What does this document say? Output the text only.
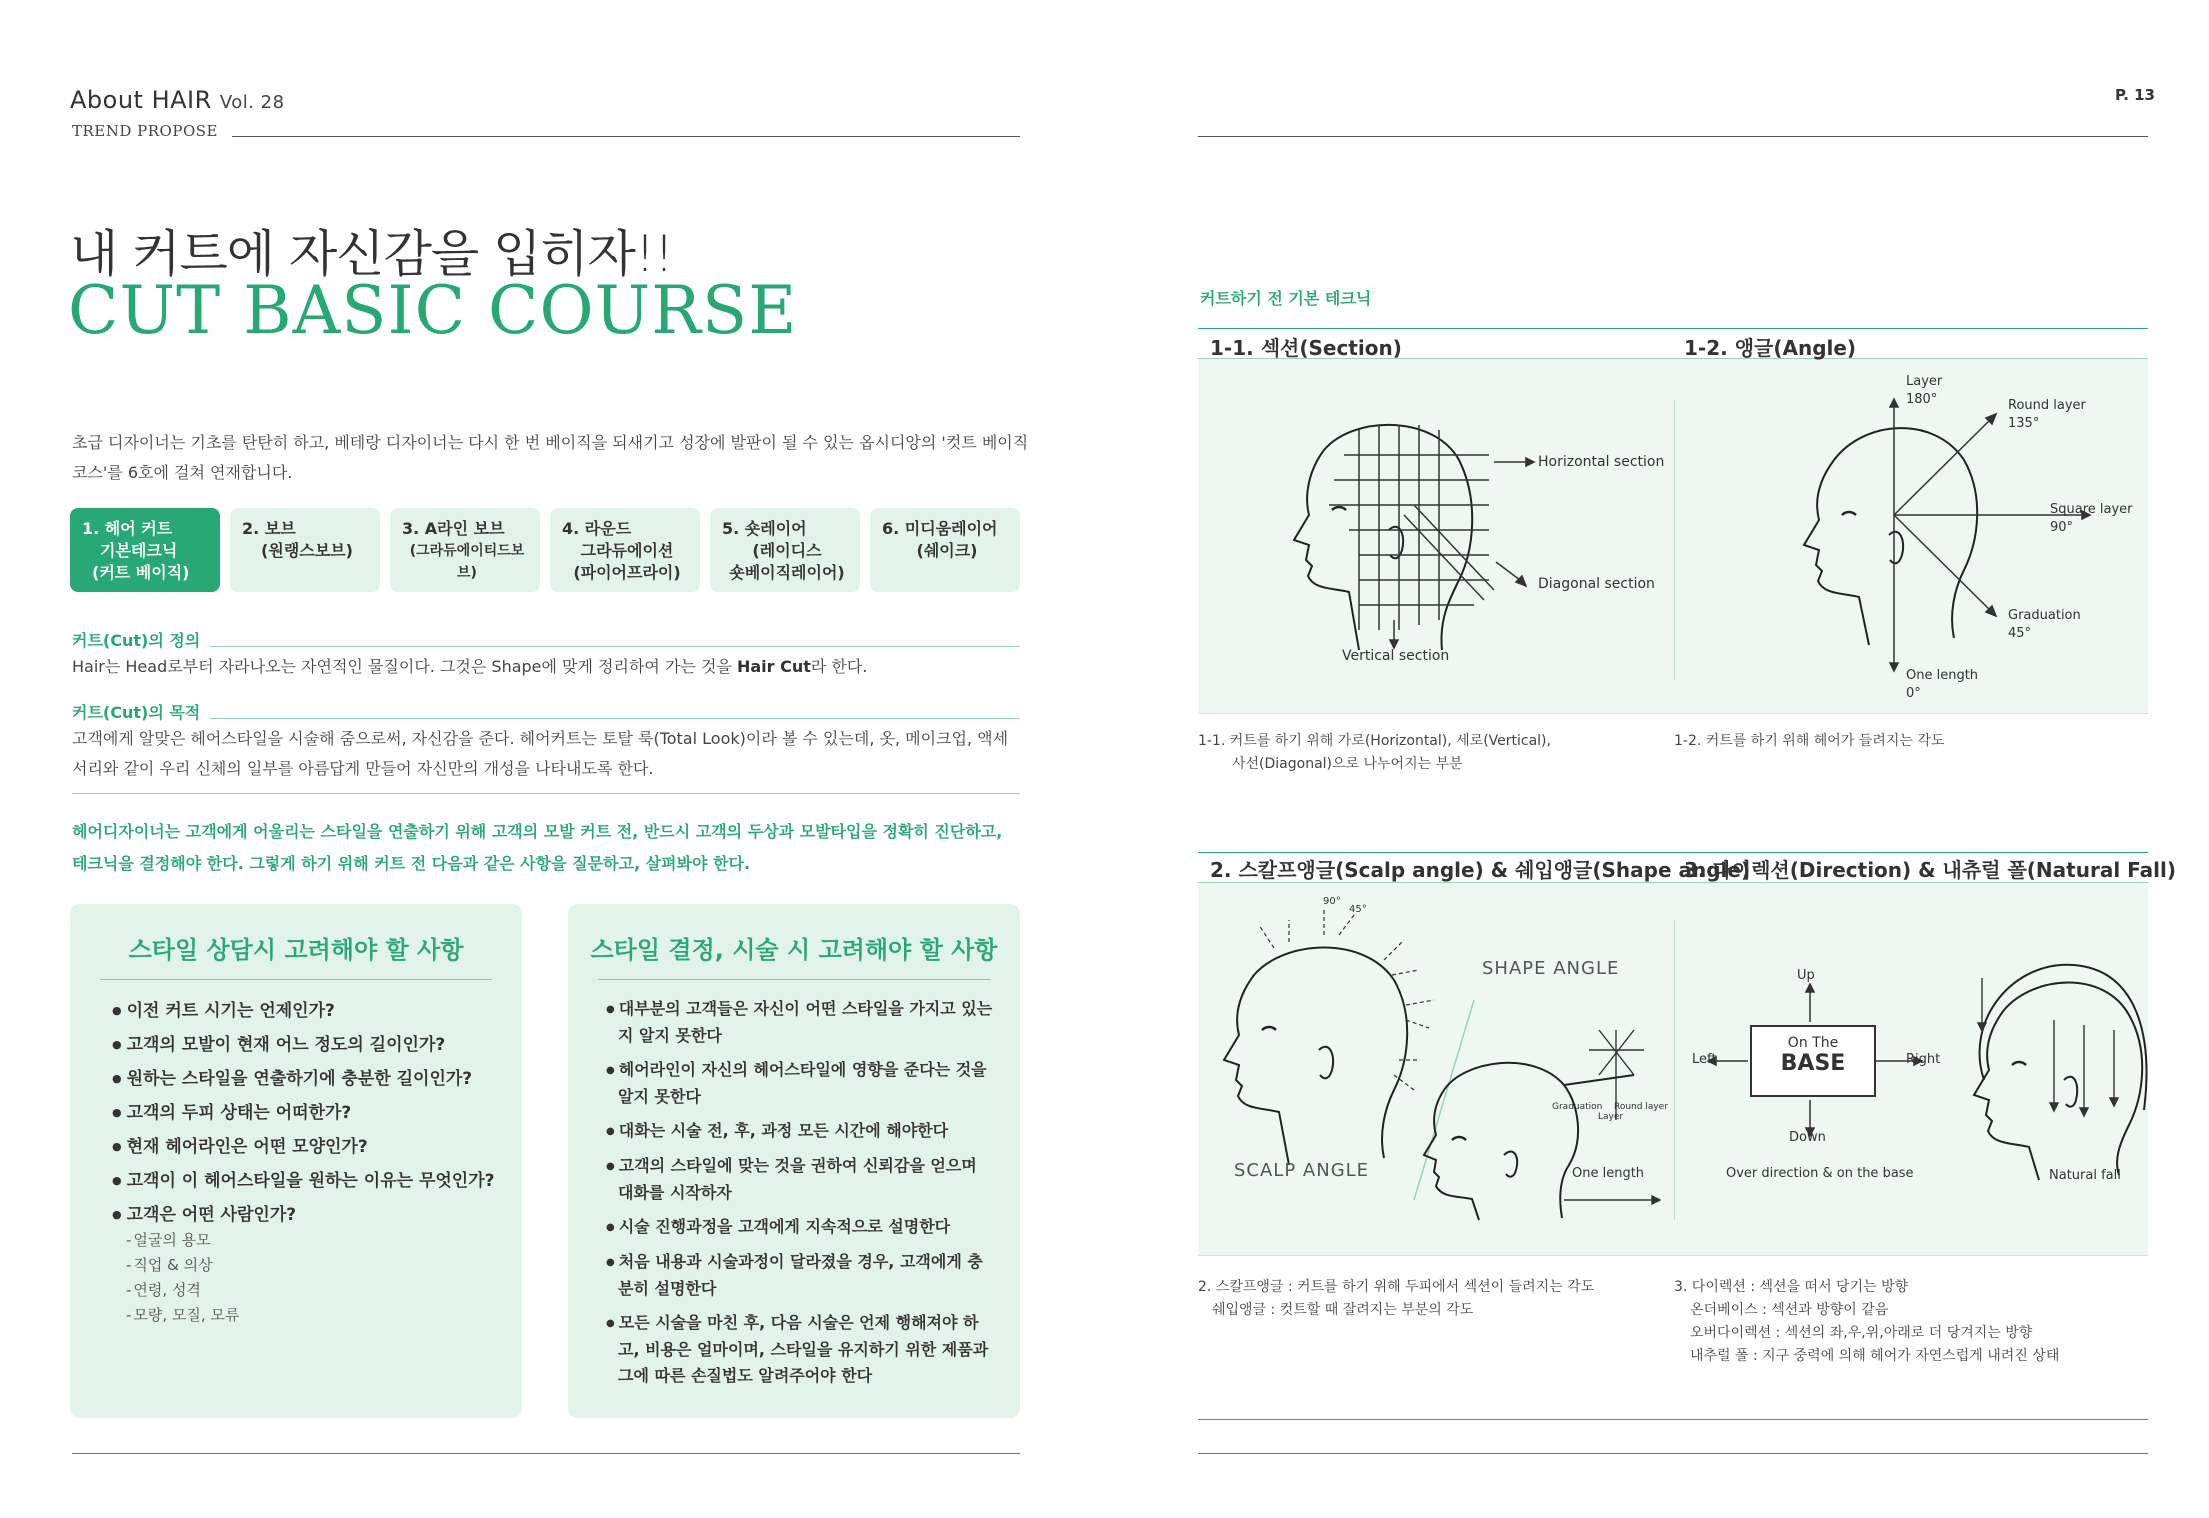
About HAIR Vol. 28
TREND PROPOSE
내 커트에 자신감을 입히자!!
CUT BASIC COURSE
초급 디자이너는 기초를 탄탄히 하고, 베테랑 디자이너는 다시 한 번 베이직을 되새기고 성장에 발판이 될 수 있는 옵시디앙의 '컷트 베이직 코스'를 6호에 걸쳐 연재합니다.
1. 헤어 커트
기본테크닉
(커트 베이직)
2. 보브
(원랭스보브)
3. A라인 보브
(그라듀에이티드보브)
4. 라운드
그라듀에이션
(파이어프라이)
5. 숏레이어
(레이디스
숏베이직레이어)
6. 미디움레이어
(쉐이크)
커트(Cut)의 정의
Hair는 Head로부터 자라나오는 자연적인 물질이다. 그것은 Shape에 맞게 정리하여 가는 것을 Hair Cut라 한다.
커트(Cut)의 목적
고객에게 알맞은 헤어스타일을 시술해 줌으로써, 자신감을 준다. 헤어커트는 토탈 룩(Total Look)이라 볼 수 있는데, 옷, 메이크업, 액세서리와 같이 우리 신체의 일부를 아름답게 만들어 자신만의 개성을 나타내도록 한다.
헤어디자이너는 고객에게 어울리는 스타일을 연출하기 위해 고객의 모발 커트 전, 반드시 고객의 두상과 모발타입을 정확히 진단하고, 테크닉을 결정해야 한다. 그렇게 하기 위해 커트 전 다음과 같은 사항을 질문하고, 살펴봐야 한다.
스타일 상담시 고려해야 할 사항
● 이전 커트 시기는 언제인가?
● 고객의 모발이 현재 어느 정도의 길이인가?
● 원하는 스타일을 연출하기에 충분한 길이인가?
● 고객의 두피 상태는 어떠한가?
● 현재 헤어라인은 어떤 모양인가?
● 고객이 이 헤어스타일을 원하는 이유는 무엇인가?
● 고객은 어떤 사람인가?
- 얼굴의 용모
- 직업 & 의상
- 연령, 성격
- 모량, 모질, 모류
스타일 결정, 시술 시 고려해야 할 사항
● 대부분의 고객들은 자신이 어떤 스타일을 가지고 있는지 알지 못한다
● 헤어라인이 자신의 헤어스타일에 영향을 준다는 것을 알지 못한다
● 대화는 시술 전, 후, 과정 모든 시간에 해야한다
● 고객의 스타일에 맞는 것을 권하여 신뢰감을 얻으며 대화를 시작하자
● 시술 진행과정을 고객에게 지속적으로 설명한다
● 처음 내용과 시술과정이 달라졌을 경우, 고객에게 충분히 설명한다
● 모든 시술을 마친 후, 다음 시술은 언제 행해져야 하고, 비용은 얼마이며, 스타일을 유지하기 위한 제품과 그에 따른 손질법도 알려주어야 한다
P. 13
커트하기 전 기본 테크닉
1-1. 섹션(Section)	1-2. 앵글(Angle)
Horizontal section
Diagonal section
Vertical section
Layer
180°	Round layer
135°
Square layer
90°
Graduation
45°
One length
0°
1-1. 커트를 하기 위해 가로(Horizontal), 세로(Vertical),
사선(Diagonal)으로 나누어지는 부분
1-2. 커트를 하기 위해 헤어가 들려지는 각도
2. 스칼프앵글(Scalp angle) & 쉐입앵글(Shape angle)
3. 다이렉션(Direction) & 내츄럴 폴(Natural Fall)
90°
45°
SHAPE ANGLE
SCALP ANGLE	One length
Graduation
Layer
Round layer
On The
BASE
Up
Down
Left	Right
Over direction & on the base	Natural fall
2. 스칼프앵글 : 커트를 하기 위해 두피에서 섹션이 들려지는 각도
쉐입앵글 : 컷트할 때 잘려지는 부분의 각도
3. 다이렉션 : 섹션을 떠서 당기는 방향
온더베이스 : 섹션과 방향이 같음
오버다이렉션 : 섹션의 좌,우,위,아래로 더 당겨지는 방향
내추럴 폴 : 지구 중력에 의해 헤어가 자연스럽게 내려진 상태
